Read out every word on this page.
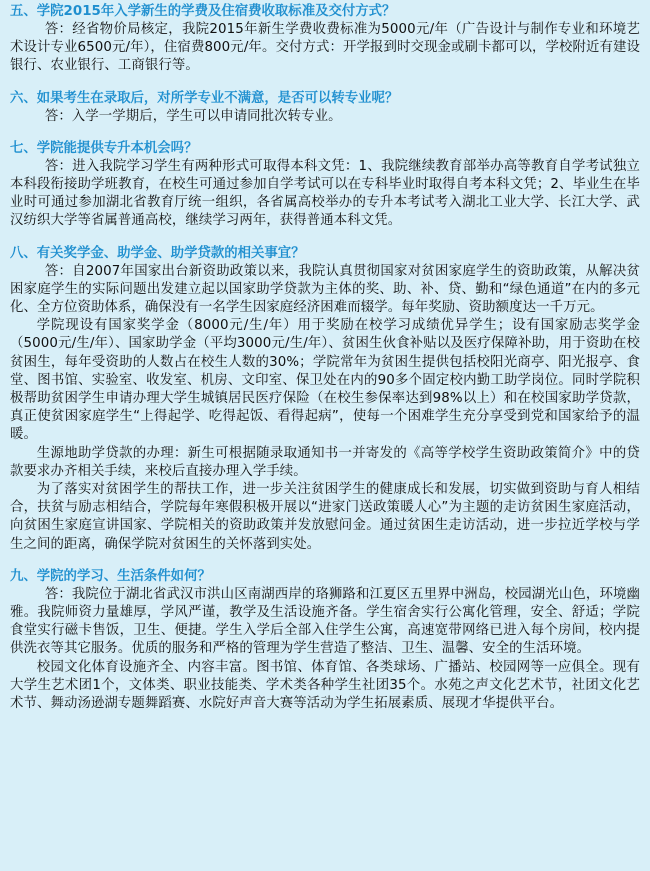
五、学院2015年入学新生的学费及住宿费收取标准及交付方式？

答：经省物价局核定，我院2015年新生学费收费标准为5000元/年（广告设计与制作专业和环境艺术设计专业6500元/年），住宿费800元/年。交付方式：开学报到时交现金或刷卡都可以，学校附近有建设银行、农业银行、工商银行等。

六、如果考生在录取后，对所学专业不满意，是否可以转专业呢？

答：入学一学期后，学生可以申请同批次转专业。

七、学院能提供专升本机会吗？

答：进入我院学习学生有两种形式可取得本科文凭：1、我院继续教育部举办高等教育自学考试独立本科段衔接助学班教育，在校生可通过参加自学考试可以在专科毕业时取得自考本科文凭；2、毕业生在毕业时可通过参加湖北省教育厅统一组织，各省属高校举办的专升本考试考入湖北工业大学、长江大学、武汉纺织大学等省属普通高校，继续学习两年，获得普通本科文凭。

八、有关奖学金、助学金、助学贷款的相关事宜？

答：自2007年国家出台新资助政策以来，我院认真贯彻国家对贫困家庭学生的资助政策，从解决贫困家庭学生的实际问题出发建立起以国家助学贷款为主体的奖、助、补、贷、勤和“绿色通道”在内的多元化、全方位资助体系，确保没有一名学生因家庭经济困难而辍学。每年奖励、资助额度达一千万元。

学院现设有国家奖学金（8000元/生/年）用于奖励在校学习成绩优异学生；设有国家励志奖学金（5000元/生/年）、国家助学金（平均3000元/生/年）、贫困生伙食补贴以及医疗保障补助，用于资助在校贫困生，每年受资助的人数占在校生人数的30%；学院常年为贫困生提供包括校阳光商亭、阳光报亭、食堂、图书馆、实验室、收发室、机房、文印室、保卫处在内的90多个固定校内勤工助学岗位。同时学院积极帮助贫困学生申请办理大学生城镇居民医疗保险（在校生参保率达到98%以上）和在校国家助学贷款，真正使贫困家庭学生“上得起学、吃得起饭、看得起病”，使每一个困难学生充分享受到党和国家给予的温暖。

生源地助学贷款的办理：新生可根据随录取通知书一并寄发的《高等学校学生资助政策简介》中的贷款要求办齐相关手续，来校后直接办理入学手续。

为了落实对贫困学生的帮扶工作，进一步关注贫困学生的健康成长和发展，切实做到资助与育人相结合，扶贫与励志相结合，学院每年寒假积极开展以“进家门送政策暖人心”为主题的走访贫困生家庭活动，向贫困生家庭宣讲国家、学院相关的资助政策并发放慰问金。通过贫困生走访活动，进一步拉近学校与学生之间的距离，确保学院对贫困生的关怀落到实处。

九、学院的学习、生活条件如何？

答：我院位于湖北省武汉市洪山区南湖西岸的珞狮路和江夏区五里界中洲岛，校园湖光山色，环境幽雅。我院师资力量雄厚，学风严谨，教学及生活设施齐备。学生宿舍实行公寓化管理，安全、舒适；学院食堂实行磁卡售饭，卫生、便捷。学生入学后全部入住学生公寓，高速宽带网络已进入每个房间，校内提供洗衣等其它服务。优质的服务和严格的管理为学生营造了整洁、卫生、温馨、安全的生活环境。

校园文化体育设施齐全、内容丰富。图书馆、体育馆、各类球场、广播站、校园网等一应俱全。现有大学生艺术团1个，文体类、职业技能类、学术类各种学生社团35个。水苑之声文化艺术节，社团文化艺术节、舞动汤逊湖专题舞蹈赛、水院好声音大赛等活动为学生拓展素质、展现才华提供平台。
